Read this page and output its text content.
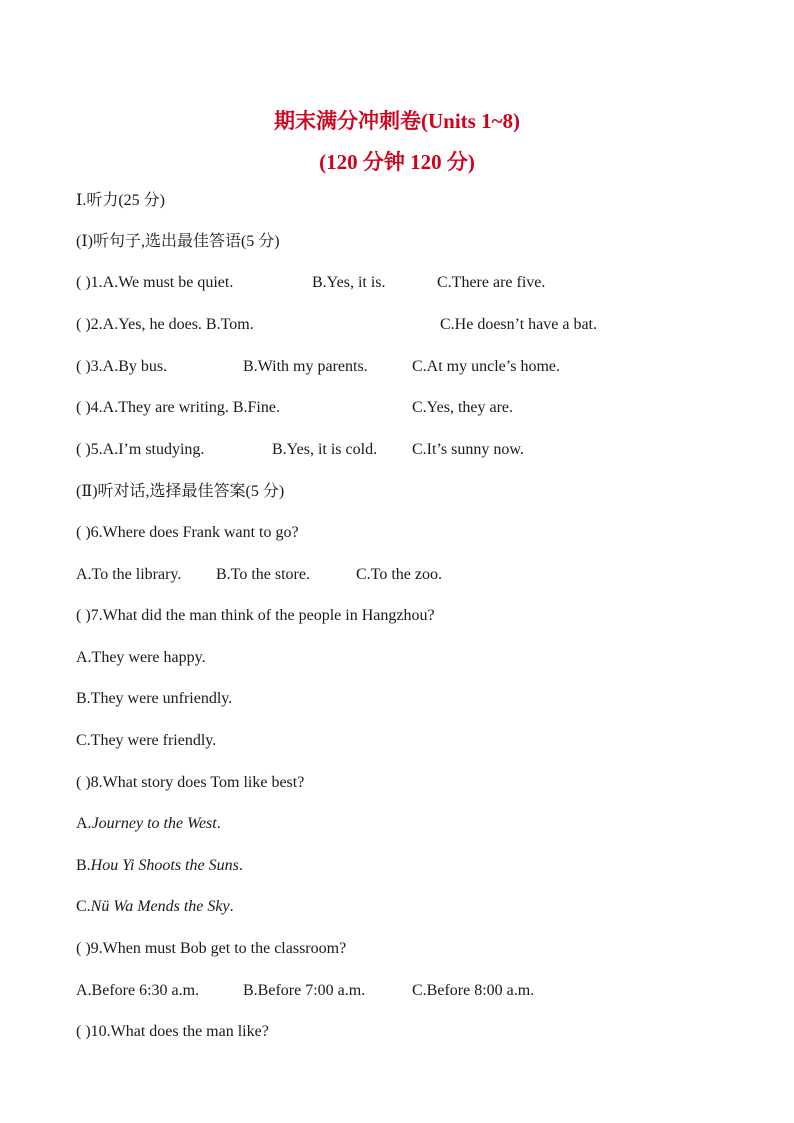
期末满分冲刺卷(Units 1~8)
(120 分钟 120 分)
Ⅰ.听力(25 分)
(Ⅰ)听句子,选出最佳答语(5 分)
( )1.A.We must be quiet.	B.Yes, it is.	C.There are five.
( )2.A.Yes, he does. B.Tom.	C.He doesn’t have a bat.
( )3.A.By bus.	B.With my parents.	C.At my uncle’s home.
( )4.A.They are writing. B.Fine.	C.Yes, they are.
( )5.A.I’m studying.	B.Yes, it is cold. C.It’s sunny now.
(Ⅱ)听对话,选择最佳答案(5 分)
( )6.Where does Frank want to go?
A.To the library. B.To the store.	C.To the zoo.
( )7.What did the man think of the people in Hangzhou?
A.They were happy.
B.They were unfriendly.
C.They were friendly.
( )8.What story does Tom like best?
A.Journey to the West.
B.Hou Yi Shoots the Suns.
C.Nü Wa Mends the Sky.
( )9.When must Bob get to the classroom?
A.Before 6:30 a.m.	B.Before 7:00 a.m.	C.Before 8:00 a.m.
( )10.What does the man like?
